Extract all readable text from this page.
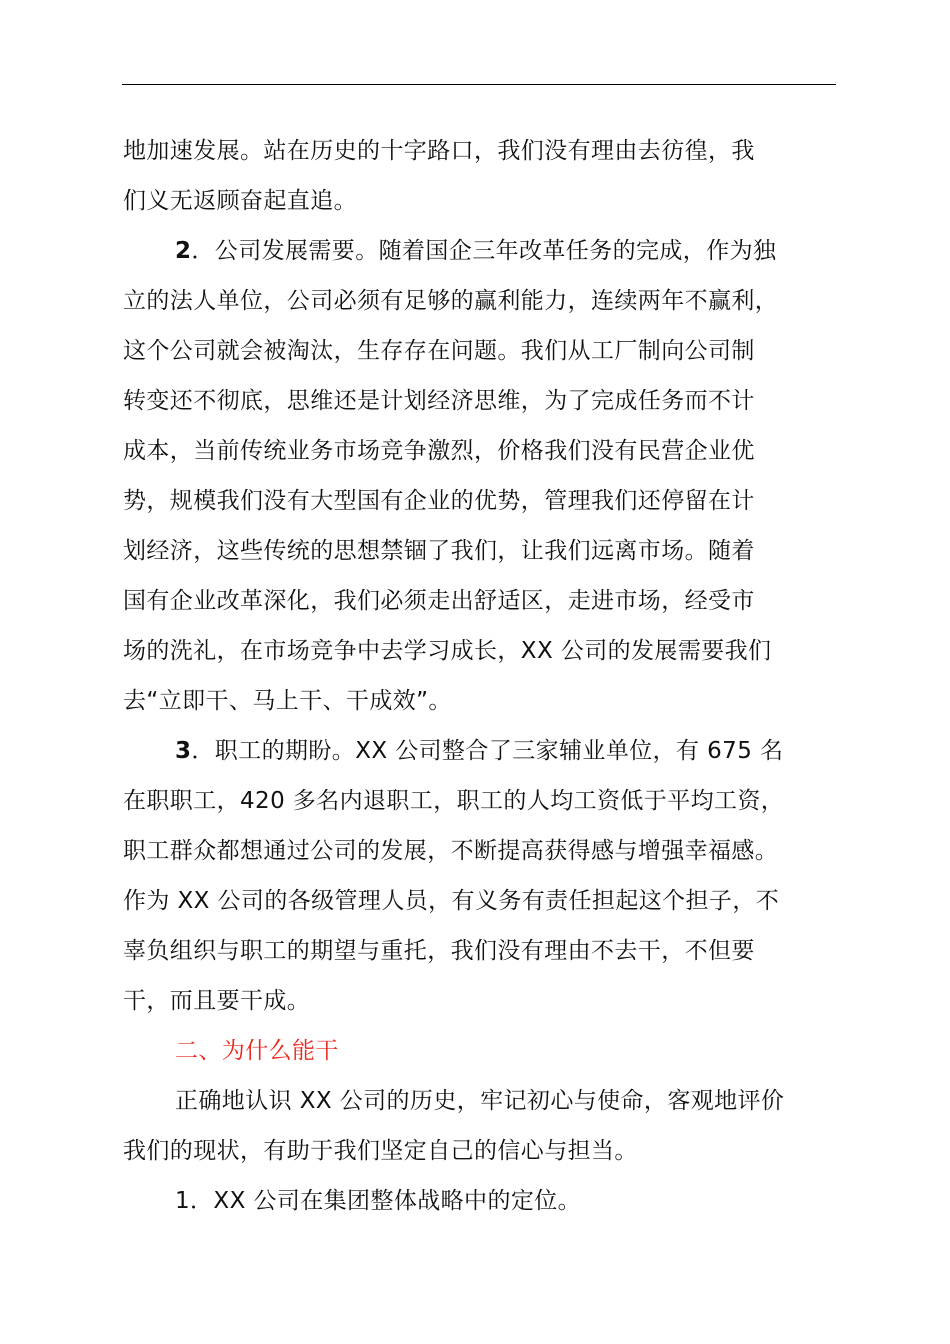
地加速发展。站在历史的十字路口，我们没有理由去彷徨，我
们义无返顾奋起直追。
2．公司发展需要。随着国企三年改革任务的完成，作为独
立的法人单位，公司必须有足够的赢利能力，连续两年不赢利，
这个公司就会被淘汰，生存存在问题。我们从工厂制向公司制
转变还不彻底，思维还是计划经济思维，为了完成任务而不计
成本，当前传统业务市场竞争激烈，价格我们没有民营企业优
势，规模我们没有大型国有企业的优势，管理我们还停留在计
划经济，这些传统的思想禁锢了我们，让我们远离市场。随着
国有企业改革深化，我们必须走出舒适区，走进市场，经受市
场的洗礼，在市场竞争中去学习成长，XX 公司的发展需要我们
去“立即干、马上干、干成效”。
3．职工的期盼。XX 公司整合了三家辅业单位，有 675 名
在职职工，420 多名内退职工，职工的人均工资低于平均工资，
职工群众都想通过公司的发展，不断提高获得感与增强幸福感。
作为 XX 公司的各级管理人员，有义务有责任担起这个担子，不
辜负组织与职工的期望与重托，我们没有理由不去干，不但要
干，而且要干成。
二、为什么能干
正确地认识 XX 公司的历史，牢记初心与使命，客观地评价
我们的现状，有助于我们坚定自己的信心与担当。
1．XX 公司在集团整体战略中的定位。
